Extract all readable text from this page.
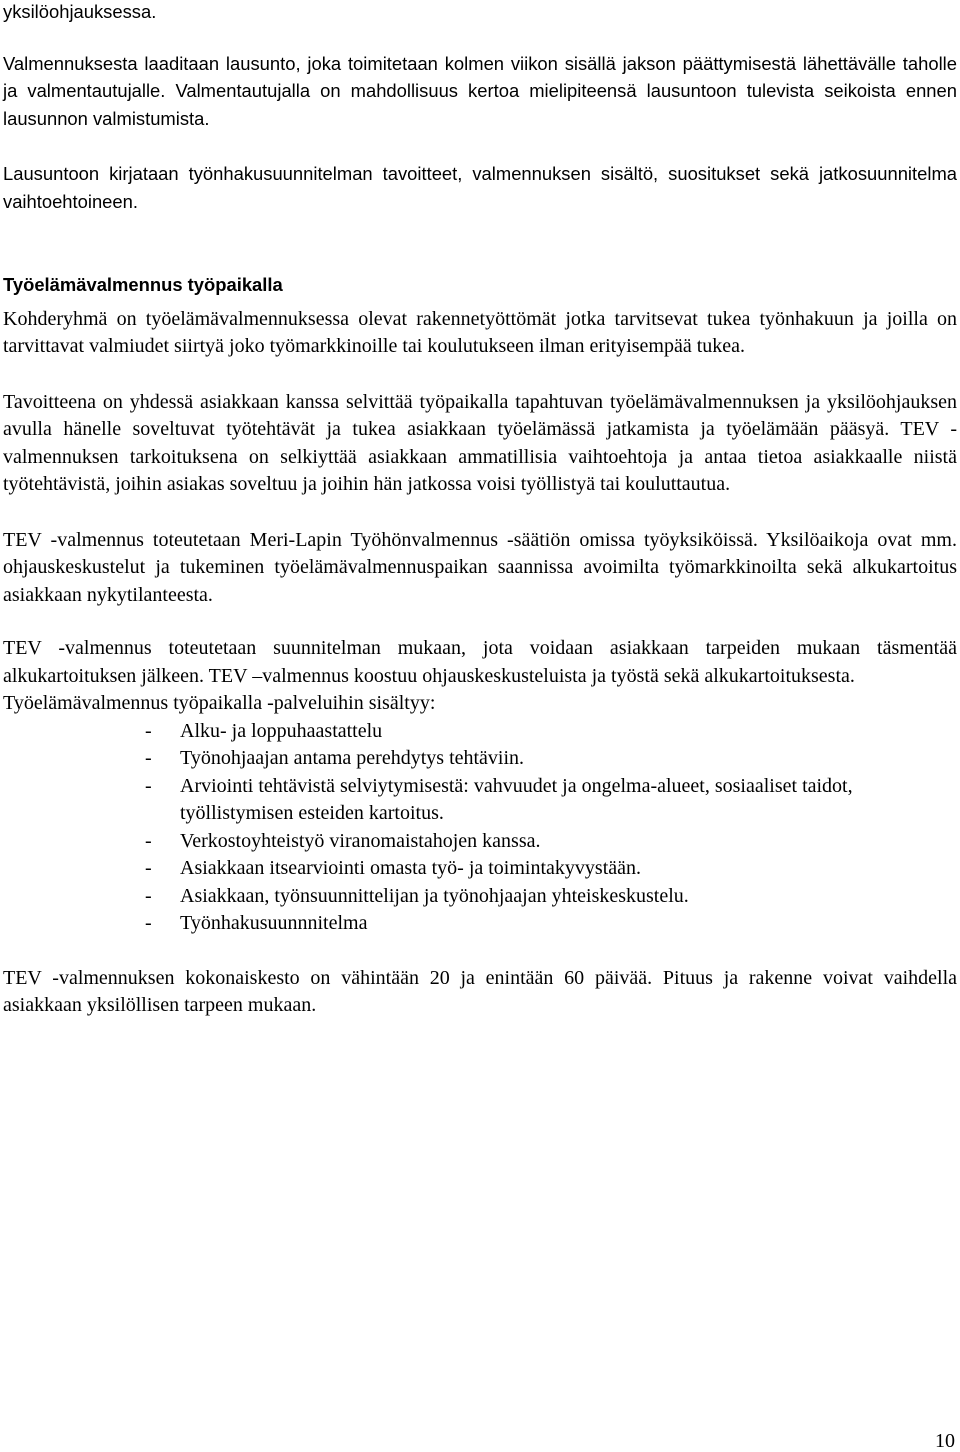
yksilöohjauksessa.

Valmennuksesta laaditaan lausunto, joka toimitetaan kolmen viikon sisällä jakson päättymisestä lähettävälle taholle ja valmentautujalle. Valmentautujalla on mahdollisuus kertoa mielipiteensä lausuntoon tulevista seikoista ennen lausunnon valmistumista.

Lausuntoon kirjataan työnhakusuunnitelman tavoitteet, valmennuksen sisältö, suositukset sekä jatkosuunnitelma vaihtoehtoineen.

Työelämävalmennus työpaikalla

Kohderyhmä on työelämävalmennuksessa olevat rakennetyöttömät jotka tarvitsevat tukea työnhakuun ja joilla on tarvittavat valmiudet siirtyä joko työmarkkinoille tai koulutukseen ilman erityisempää tukea.

Tavoitteena on yhdessä asiakkaan kanssa selvittää työpaikalla tapahtuvan työelämävalmennuksen ja yksilöohjauksen avulla hänelle soveltuvat työtehtävät ja tukea asiakkaan työelämässä jatkamista ja työelämään pääsyä. TEV -valmennuksen tarkoituksena on selkiyttää asiakkaan ammatillisia vaihtoehtoja ja antaa tietoa asiakkaalle niistä työtehtävistä, joihin asiakas soveltuu ja joihin hän jatkossa voisi työllistyä tai kouluttautua.

TEV -valmennus toteutetaan Meri-Lapin Työhönvalmennus -säätiön omissa työyksiköissä. Yksilöaikoja ovat mm. ohjauskeskustelut ja tukeminen työelämävalmennuspaikan saannissa avoimilta työmarkkinoilta sekä alkukartoitus asiakkaan nykytilanteesta.

TEV -valmennus toteutetaan suunnitelman mukaan, jota voidaan asiakkaan tarpeiden mukaan täsmentää alkukartoituksen jälkeen. TEV –valmennus koostuu ohjauskeskusteluista ja työstä sekä alkukartoituksesta.

Työelämävalmennus työpaikalla -palveluihin sisältyy:

- Alku- ja loppuhaastattelu
- Työnohjaajan antama perehdytys tehtäviin.
- Arviointi tehtävistä selviytymisestä: vahvuudet ja ongelma-alueet, sosiaaliset taidot, työllistymisen esteiden kartoitus.
- Verkostoyhteistyö viranomaistahojen kanssa.
- Asiakkaan itsearviointi omasta työ- ja toimintakyvystään.
- Asiakkaan, työnsuunnittelijan ja työnohjaajan yhteiskeskustelu.
- Työnhakusuunnnitelma

TEV -valmennuksen kokonaiskesto on vähintään 20 ja enintään 60 päivää. Pituus ja rakenne voivat vaihdella asiakkaan yksilöllisen tarpeen mukaan.

10
